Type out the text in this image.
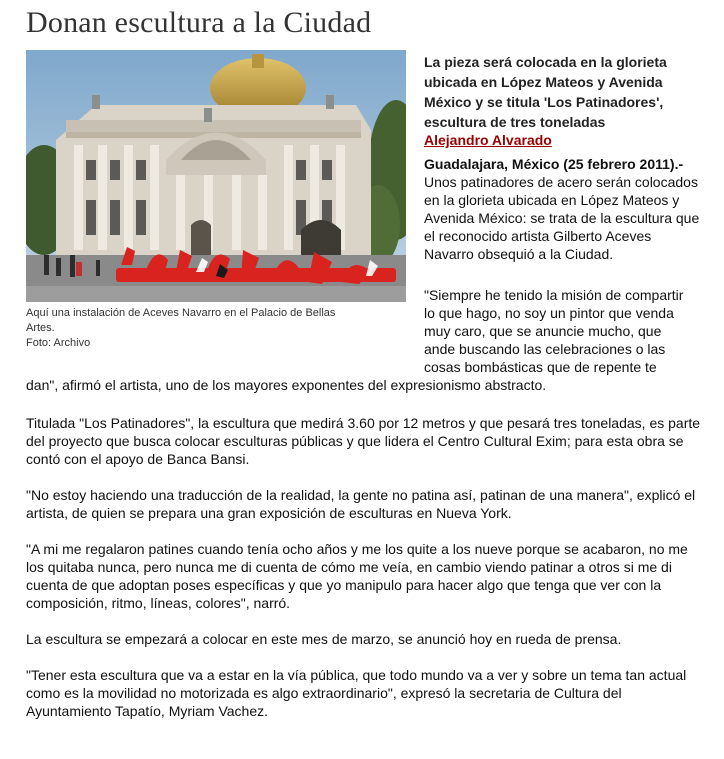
Donan escultura a la Ciudad
Aquí una instalación de Aceves Navarro en el Palacio de Bellas Artes.
Foto: Archivo

La pieza será colocada en la glorieta ubicada en López Mateos y Avenida México y se titula 'Los Patinadores', escultura de tres toneladas

Alejandro Alvarado

Guadalajara, México (25 febrero 2011).- Unos patinadores de acero serán colocados en la glorieta ubicada en López Mateos y Avenida México: se trata de la escultura que el reconocido artista Gilberto Aceves Navarro obsequió a la Ciudad.

"Siempre he tenido la misión de compartir lo que hago, no soy un pintor que venda muy caro, que se anuncie mucho, que ande buscando las celebraciones o las cosas bombásticas que de repente te

dan", afirmó el artista, uno de los mayores exponentes del expresionismo abstracto.

Titulada "Los Patinadores", la escultura que medirá 3.60 por 12 metros y que pesará tres toneladas, es parte del proyecto que busca colocar esculturas públicas y que lidera el Centro Cultural Exim; para esta obra se contó con el apoyo de Banca Bansi.

"No estoy haciendo una traducción de la realidad, la gente no patina así, patinan de una manera", explicó el artista, de quien se prepara una gran exposición de esculturas en Nueva York.

"A mi me regalaron patines cuando tenía ocho años y me los quite a los nueve porque se acabaron, no me los quitaba nunca, pero nunca me di cuenta de cómo me veía, en cambio viendo patinar a otros si me di cuenta de que adoptan poses específicas y que yo manipulo para hacer algo que tenga que ver con la composición, ritmo, líneas, colores", narró.

La escultura se empezará a colocar en este mes de marzo, se anunció hoy en rueda de prensa.

"Tener esta escultura que va a estar en la vía pública, que todo mundo va a ver y sobre un tema tan actual como es la movilidad no motorizada es algo extraordinario", expresó la secretaria de Cultura del Ayuntamiento Tapatío, Myriam Vachez.
